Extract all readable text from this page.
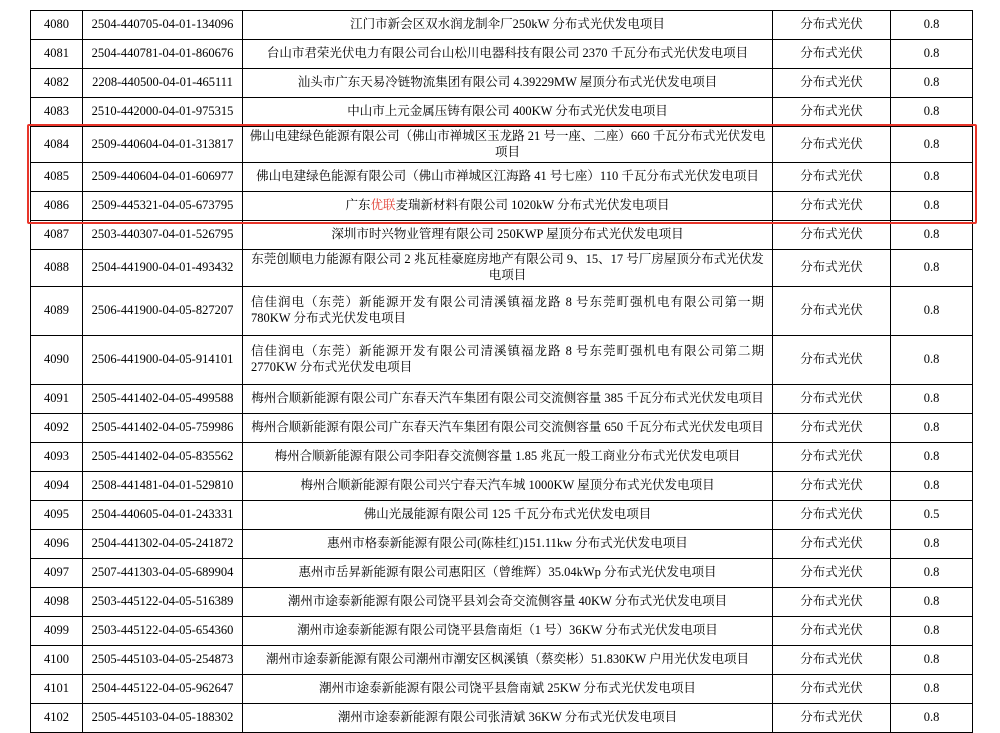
4080	2504-440705-04-01-134096	江门市新会区双水润龙制伞厂250kW 分布式光伏发电项目	分布式光伏	0.8
4081	2504-440781-04-01-860676	台山市君荣光伏电力有限公司台山松川电器科技有限公司 2370 千瓦分布式光伏发电项目	分布式光伏	0.8
4082	2208-440500-04-01-465111	汕头市广东天易冷链物流集团有限公司 4.39229MW 屋顶分布式光伏发电项目	分布式光伏	0.8
4083	2510-442000-04-01-975315	中山市上元金属压铸有限公司 400KW 分布式光伏发电项目	分布式光伏	0.8
4084	2509-440604-04-01-313817	佛山电建绿色能源有限公司（佛山市禅城区玉龙路 21 号一座、二座）660 千瓦分布式光伏发电项目	分布式光伏	0.8
4085	2509-440604-04-01-606977	佛山电建绿色能源有限公司（佛山市禅城区江海路 41 号七座）110 千瓦分布式光伏发电项目	分布式光伏	0.8
4086	2509-445321-04-05-673795	广东优联麦瑞新材料有限公司 1020kW 分布式光伏发电项目	分布式光伏	0.8
4087	2503-440307-04-01-526795	深圳市时兴物业管理有限公司 250KWP 屋顶分布式光伏发电项目	分布式光伏	0.8
4088	2504-441900-04-01-493432	东莞创顺电力能源有限公司 2 兆瓦桂豪庭房地产有限公司 9、15、17 号厂房屋顶分布式光伏发电项目	分布式光伏	0.8
4089	2506-441900-04-05-827207	信佳润电（东莞）新能源开发有限公司清溪镇福龙路 8 号东莞町强机电有限公司第一期 780KW 分布式光伏发电项目	分布式光伏	0.8
4090	2506-441900-04-05-914101	信佳润电（东莞）新能源开发有限公司清溪镇福龙路 8 号东莞町强机电有限公司第二期 2770KW 分布式光伏发电项目	分布式光伏	0.8
4091	2505-441402-04-05-499588	梅州合顺新能源有限公司广东春天汽车集团有限公司交流侧容量 385 千瓦分布式光伏发电项目	分布式光伏	0.8
4092	2505-441402-04-05-759986	梅州合顺新能源有限公司广东春天汽车集团有限公司交流侧容量 650 千瓦分布式光伏发电项目	分布式光伏	0.8
4093	2505-441402-04-05-835562	梅州合顺新能源有限公司李阳春交流侧容量 1.85 兆瓦一般工商业分布式光伏发电项目	分布式光伏	0.8
4094	2508-441481-04-01-529810	梅州合顺新能源有限公司兴宁春天汽车城 1000KW 屋顶分布式光伏发电项目	分布式光伏	0.8
4095	2504-440605-04-01-243331	佛山光晟能源有限公司 125 千瓦分布式光伏发电项目	分布式光伏	0.5
4096	2504-441302-04-05-241872	惠州市格泰新能源有限公司(陈桂红)151.11kw 分布式光伏发电项目	分布式光伏	0.8
4097	2507-441303-04-05-689904	惠州市岳昇新能源有限公司惠阳区（曾维辉）35.04kWp 分布式光伏发电项目	分布式光伏	0.8
4098	2503-445122-04-05-516389	潮州市途泰新能源有限公司饶平县刘会奇交流侧容量 40KW 分布式光伏发电项目	分布式光伏	0.8
4099	2503-445122-04-05-654360	潮州市途泰新能源有限公司饶平县詹南炬（1 号）36KW 分布式光伏发电项目	分布式光伏	0.8
4100	2505-445103-04-05-254873	潮州市途泰新能源有限公司潮州市潮安区枫溪镇（蔡奕彬）51.830KW 户用光伏发电项目	分布式光伏	0.8
4101	2504-445122-04-05-962647	潮州市途泰新能源有限公司饶平县詹南斌 25KW 分布式光伏发电项目	分布式光伏	0.8
4102	2505-445103-04-05-188302	潮州市途泰新能源有限公司张清斌 36KW 分布式光伏发电项目	分布式光伏	0.8
